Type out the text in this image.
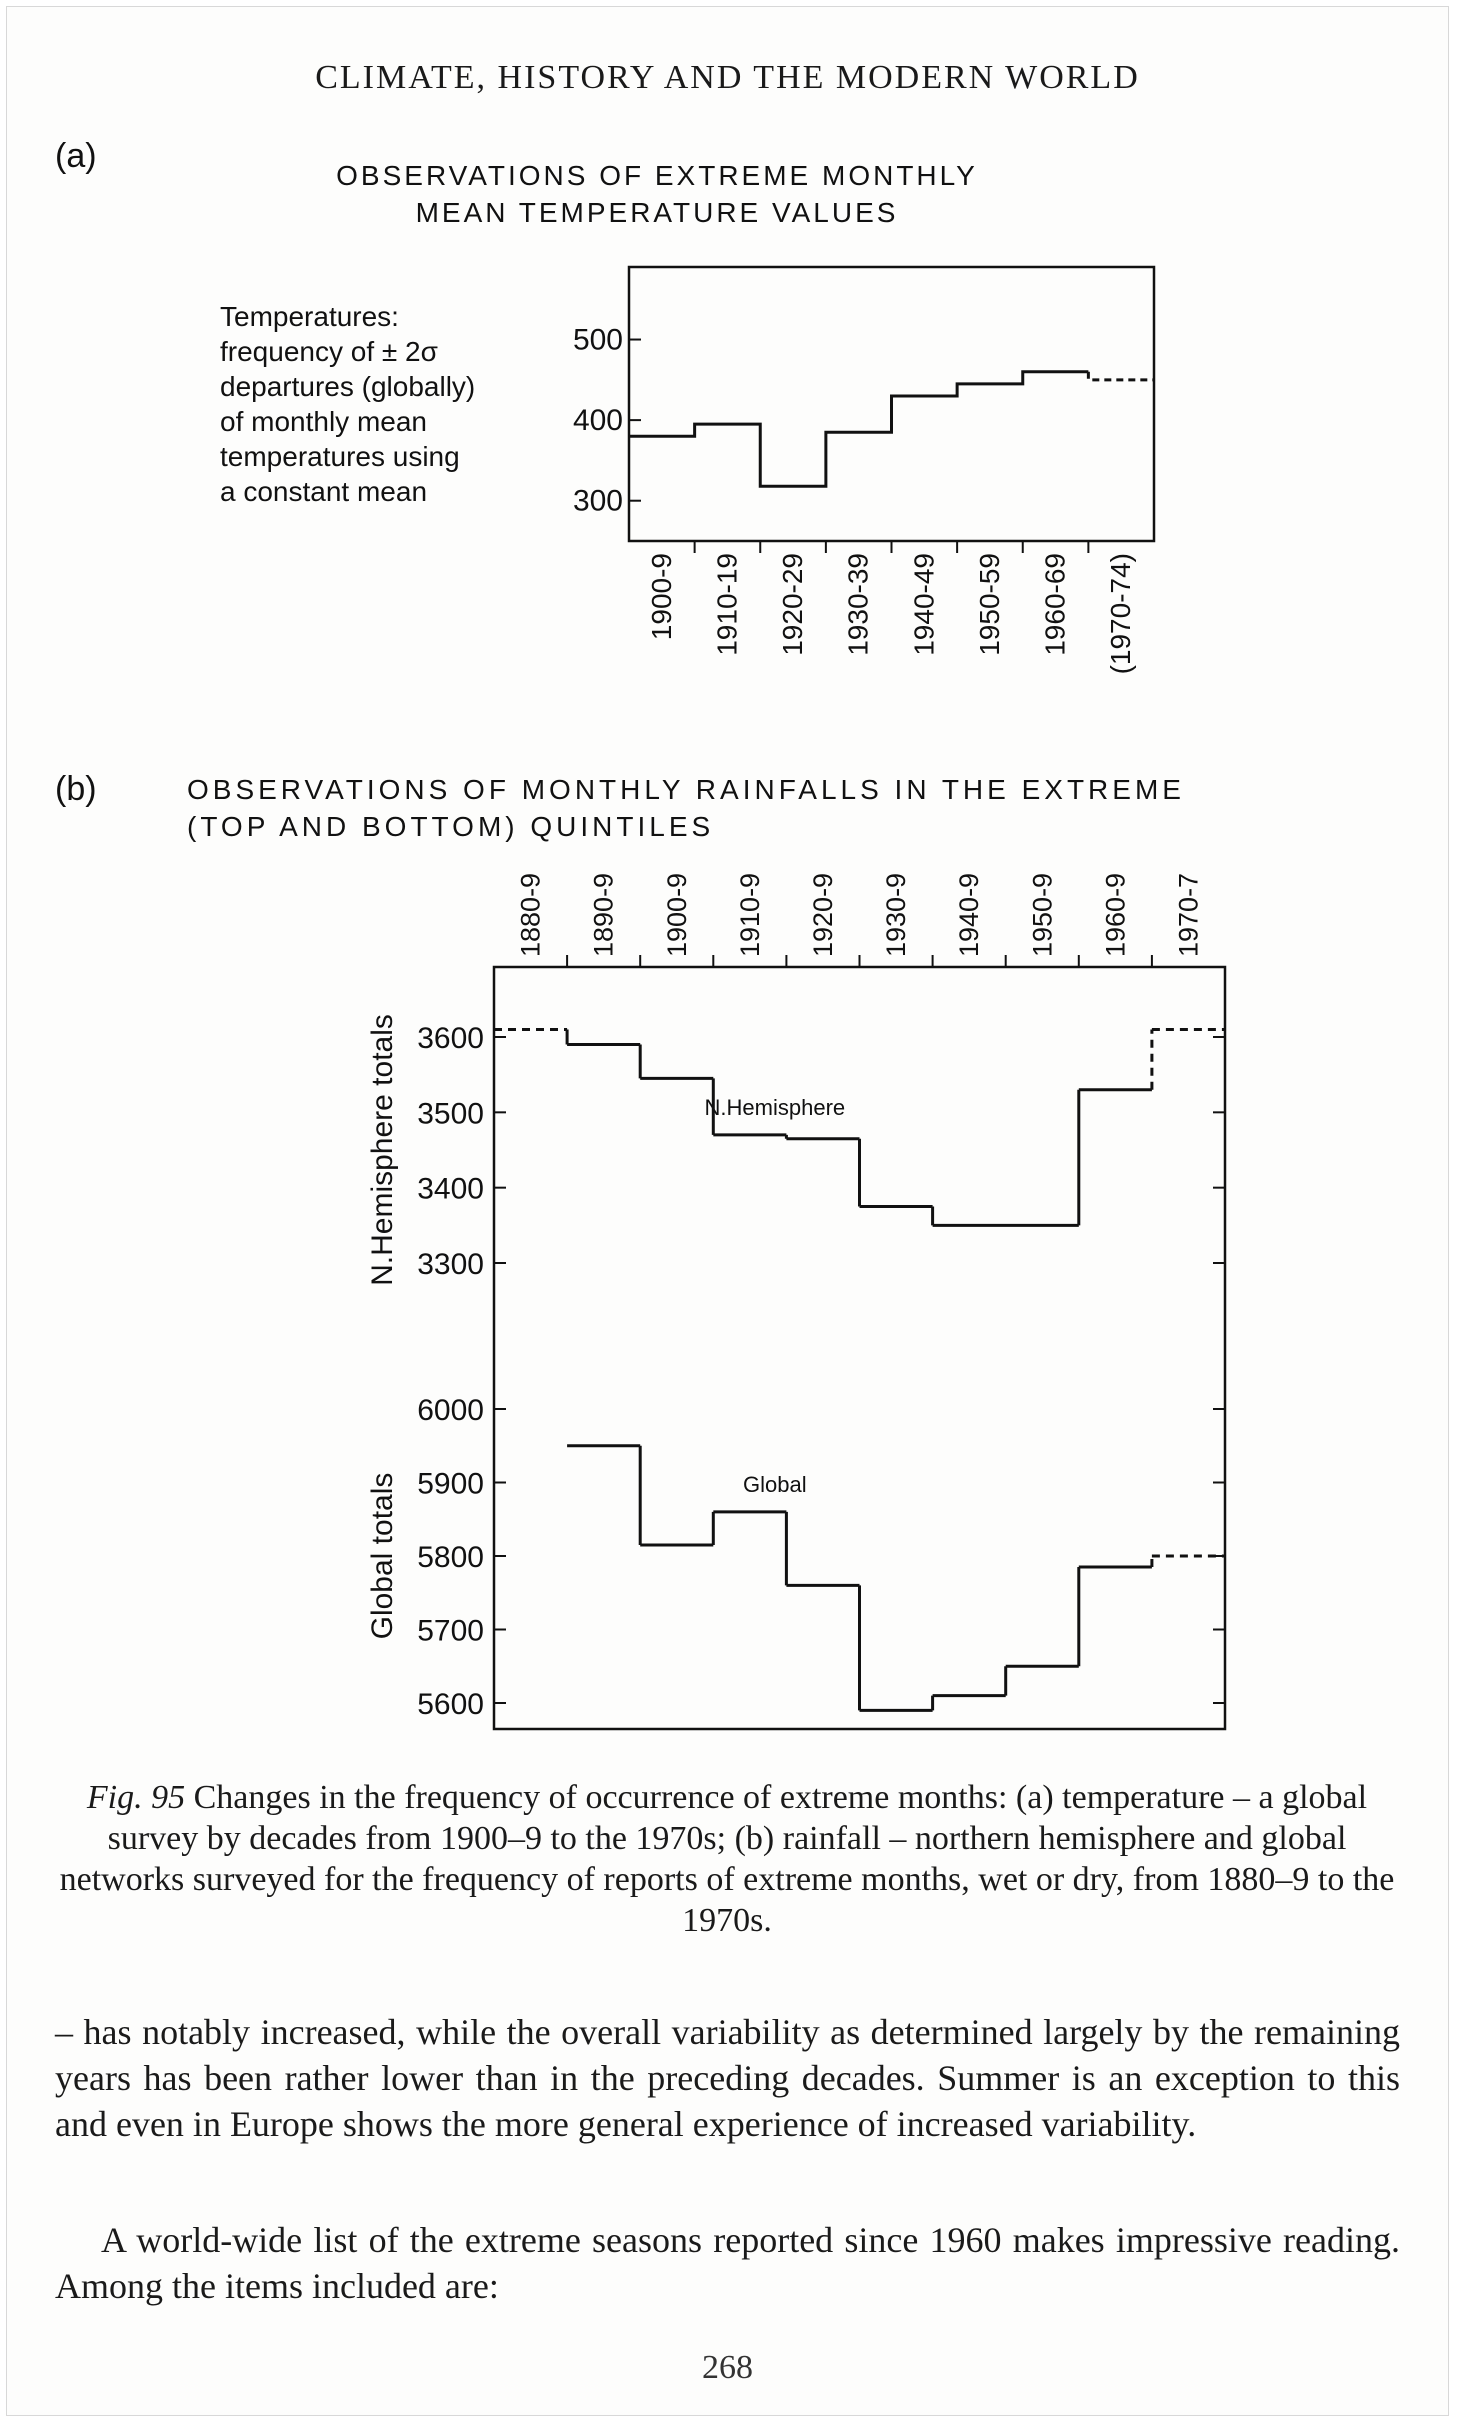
CLIMATE, HISTORY AND THE MODERN WORLD
(a)
OBSERVATIONS OF EXTREME MONTHLY
MEAN TEMPERATURE VALUES
Temperatures:
frequency of ± 2σ
departures (globally)
of monthly mean
temperatures using
a constant mean	300
400
500
1900-9 1910-19 1920-29 1930-39 1940-49 1950-59 1960-69 (1970-74)
(b)	OBSERVATIONS OF MONTHLY RAINFALLS IN THE EXTREME
(TOP AND BOTTOM) QUINTILES
1880-9 1890-9 1900-9 1910-9 1920-9 1930-9 1940-9 1950-9 1960-9 1970-7
3300
3400
3500
3600
N.Hemisphere totals	N.Hemisphere
5600
5700
5800
5900
6000
Global totals	Global
Fig. 95 Changes in the frequency of occurrence of extreme months: (a) temperature – a global survey by decades from 1900–9 to the 1970s; (b) rainfall – northern hemisphere and global networks surveyed for the frequency of reports of extreme months, wet or dry, from 1880–9 to the 1970s.
– has notably increased, while the overall variability as determined largely by the remaining years has been rather lower than in the preceding decades. Summer is an exception to this and even in Europe shows the more general experience of increased variability.
A world-wide list of the extreme seasons reported since 1960 makes impressive reading. Among the items included are:
268
